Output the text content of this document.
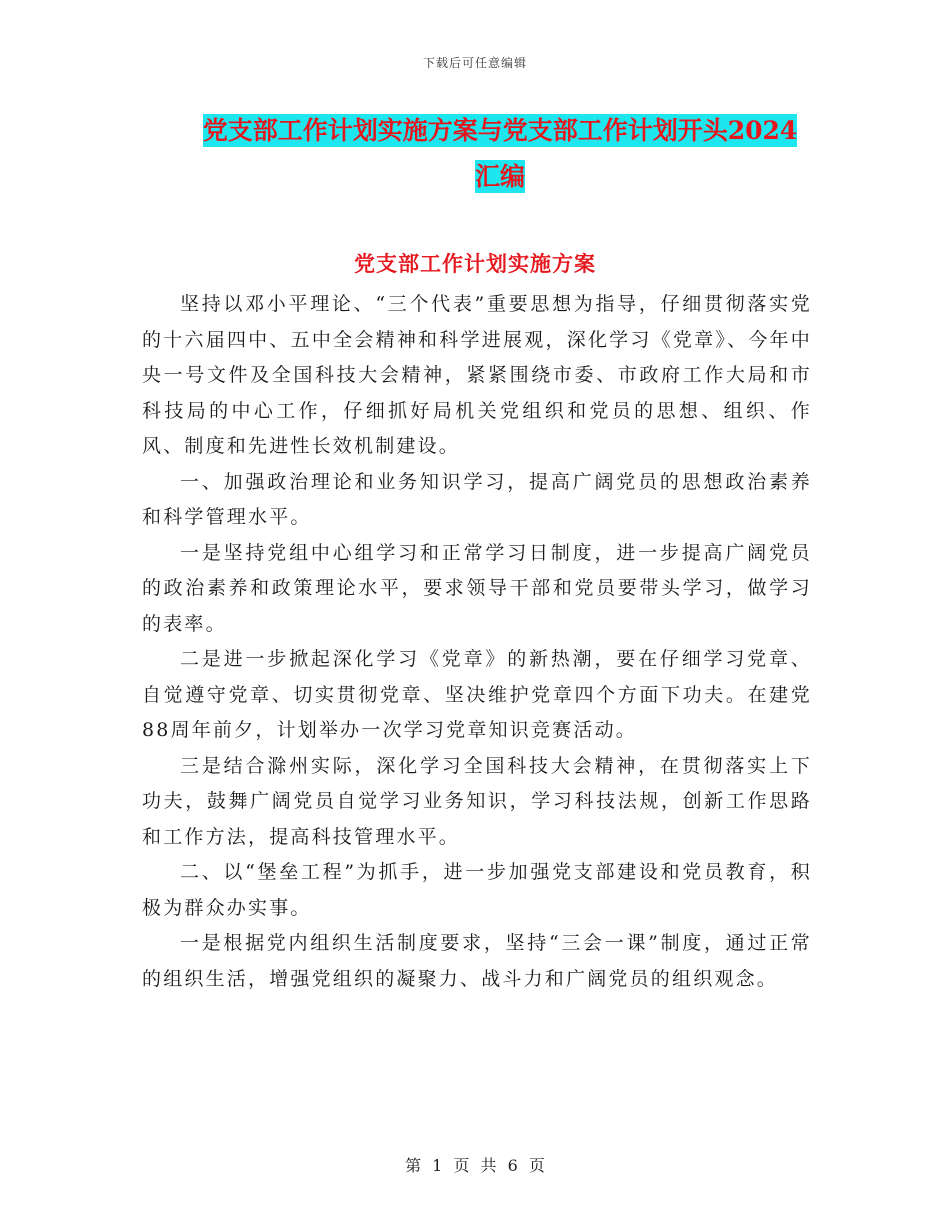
下载后可任意编辑
党支部工作计划实施方案与党支部工作计划开头2024
汇编
党支部工作计划实施方案

坚持以邓小平理论、“三个代表”重要思想为指导，仔细贯彻落实党的十六届四中、五中全会精神和科学进展观，深化学习《党章》、今年中央一号文件及全国科技大会精神，紧紧围绕市委、市政府工作大局和市科技局的中心工作，仔细抓好局机关党组织和党员的思想、组织、作风、制度和先进性长效机制建设。

一、加强政治理论和业务知识学习，提高广阔党员的思想政治素养和科学管理水平。

一是坚持党组中心组学习和正常学习日制度，进一步提高广阔党员的政治素养和政策理论水平，要求领导干部和党员要带头学习，做学习的表率。

二是进一步掀起深化学习《党章》的新热潮，要在仔细学习党章、自觉遵守党章、切实贯彻党章、坚决维护党章四个方面下功夫。在建党88周年前夕，计划举办一次学习党章知识竞赛活动。

三是结合滁州实际，深化学习全国科技大会精神，在贯彻落实上下功夫，鼓舞广阔党员自觉学习业务知识，学习科技法规，创新工作思路和工作方法，提高科技管理水平。

二、以“堡垒工程”为抓手，进一步加强党支部建设和党员教育，积极为群众办实事。

一是根据党内组织生活制度要求，坚持“三会一课”制度，通过正常的组织生活，增强党组织的凝聚力、战斗力和广阔党员的组织观念。

第 1 页 共 6 页
